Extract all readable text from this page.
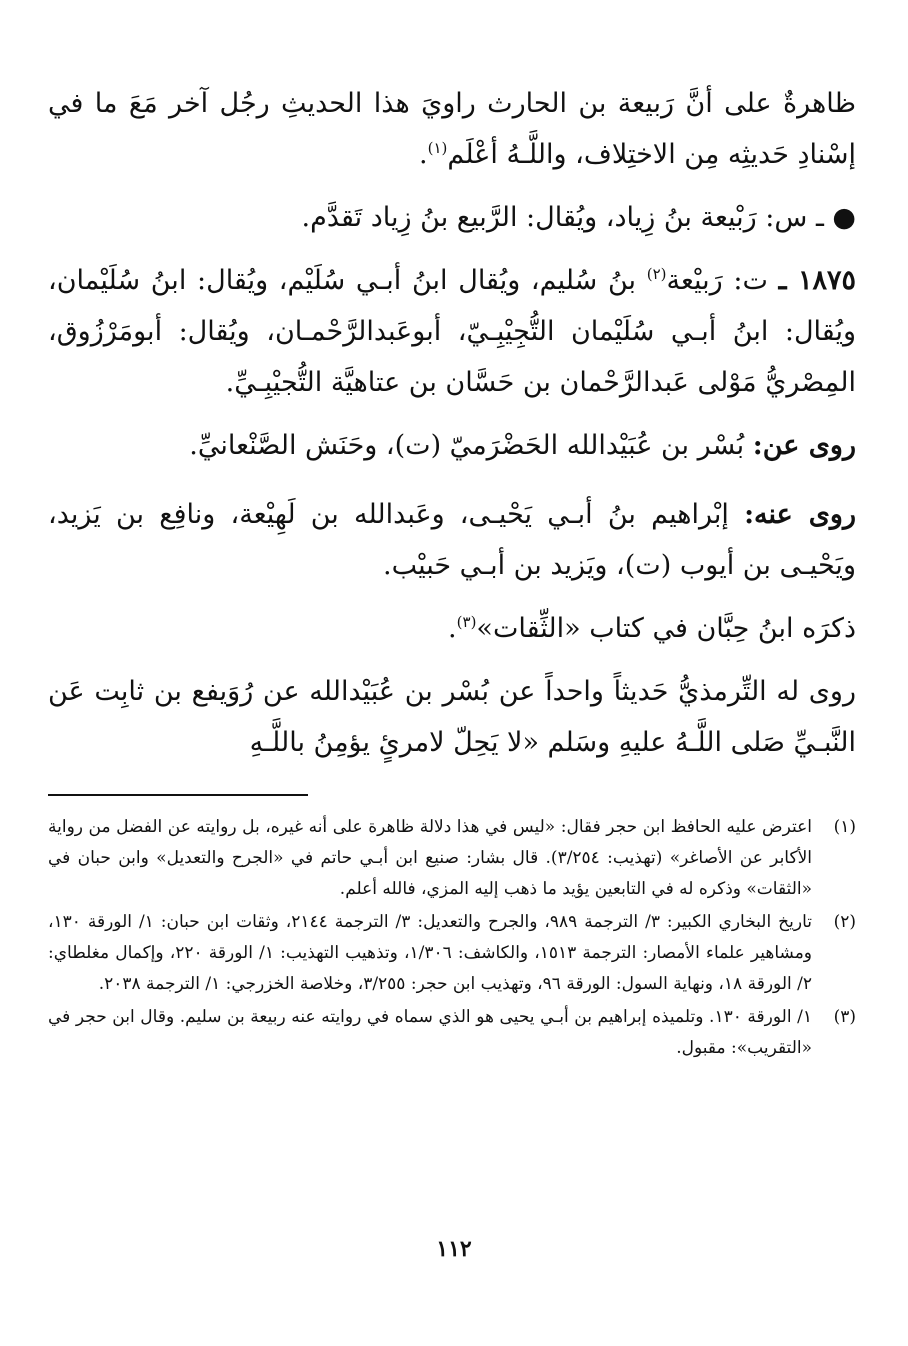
ظاهرةٌ على أنَّ رَبيعة بن الحارث راويَ هذا الحديثِ رجُل آخر مَعَ ما في إسْنادِ حَديثِه مِن الاختِلاف، واللَّـهُ أعْلَم$^{(١)}$.

● ـ س: رَبْيعة بنُ زِياد، ويُقال: الرَّبيع بنُ زِياد تَقدَّم.

١٨٧٥ ـ ت: رَبيْعة$^{(٢)}$ بنُ سُليم، ويُقال ابنُ أبـي سُلَيْم، ويُقال: ابنُ سُلَيْمان، ويُقال: ابنُ أبـي سُلَيْمان التُّجِيْبِـيّ، أبوعَبدالرَّحْمـان، ويُقال: أبومَرْزُوق، المِصْريُّ مَوْلى عَبدالرَّحْمان بن حَسَّان بن عتاهيَّة التُّجيْبِـيِّ.

روى عن: بُسْر بن عُبَيْدالله الحَضْرَميّ (ت)، وحَنَش الصَّنْعانيِّ.

روى عنه: إبْراهيم بنُ أبـي يَحْيـى، وعَبدالله بن لَهِيْعة، ونافِع بن يَزيد، ويَحْيـى بن أيوب (ت)، ويَزيد بن أبـي حَبيْب.

ذكرَه ابنُ حِبَّان في كتاب «الثِّقات»$^{(٣)}$.

روى له التِّرمذيُّ حَديثاً واحداً عن بُسْر بن عُبَيْدالله عن رُوَيفع بن ثابِت عَن النَّبـيِّ صَلى اللَّـهُ عليهِ وسَلم «لا يَحِلّ لامرئٍ يؤمِنُ باللَّـهِ

(١)
اعترض عليه الحافظ ابن حجر فقال: «ليس في هذا دلالة ظاهرة على أنه غيره، بل روايته عن الفضل من رواية الأكابر عن الأصاغر» (تهذيب: ٣/٢٥٤). قال بشار: صنيع ابن أبـي حاتم في «الجرح والتعديل» وابن حبان في «الثقات» وذكره له في التابعين يؤيد ما ذهب إليه المزي، فالله أعلم.
(٢)
تاريخ البخاري الكبير: ٣/ الترجمة ٩٨٩، والجرح والتعديل: ٣/ الترجمة ٢١٤٤، وثقات ابن حبان: ١/ الورقة ١٣٠، ومشاهير علماء الأمصار: الترجمة ١٥١٣، والكاشف: ١/٣٠٦، وتذهيب التهذيب: ١/ الورقة ٢٢٠، وإكمال مغلطاي: ٢/ الورقة ١٨، ونهاية السول: الورقة ٩٦، وتهذيب ابن حجر: ٣/٢٥٥، وخلاصة الخزرجي: ١/ الترجمة ٢٠٣٨.
(٣)
١/ الورقة ١٣٠. وتلميذه إبراهيم بن أبـي يحيى هو الذي سماه في روايته عنه ربيعة بن سليم. وقال ابن حجر في «التقريب»: مقبول.
١١٢
